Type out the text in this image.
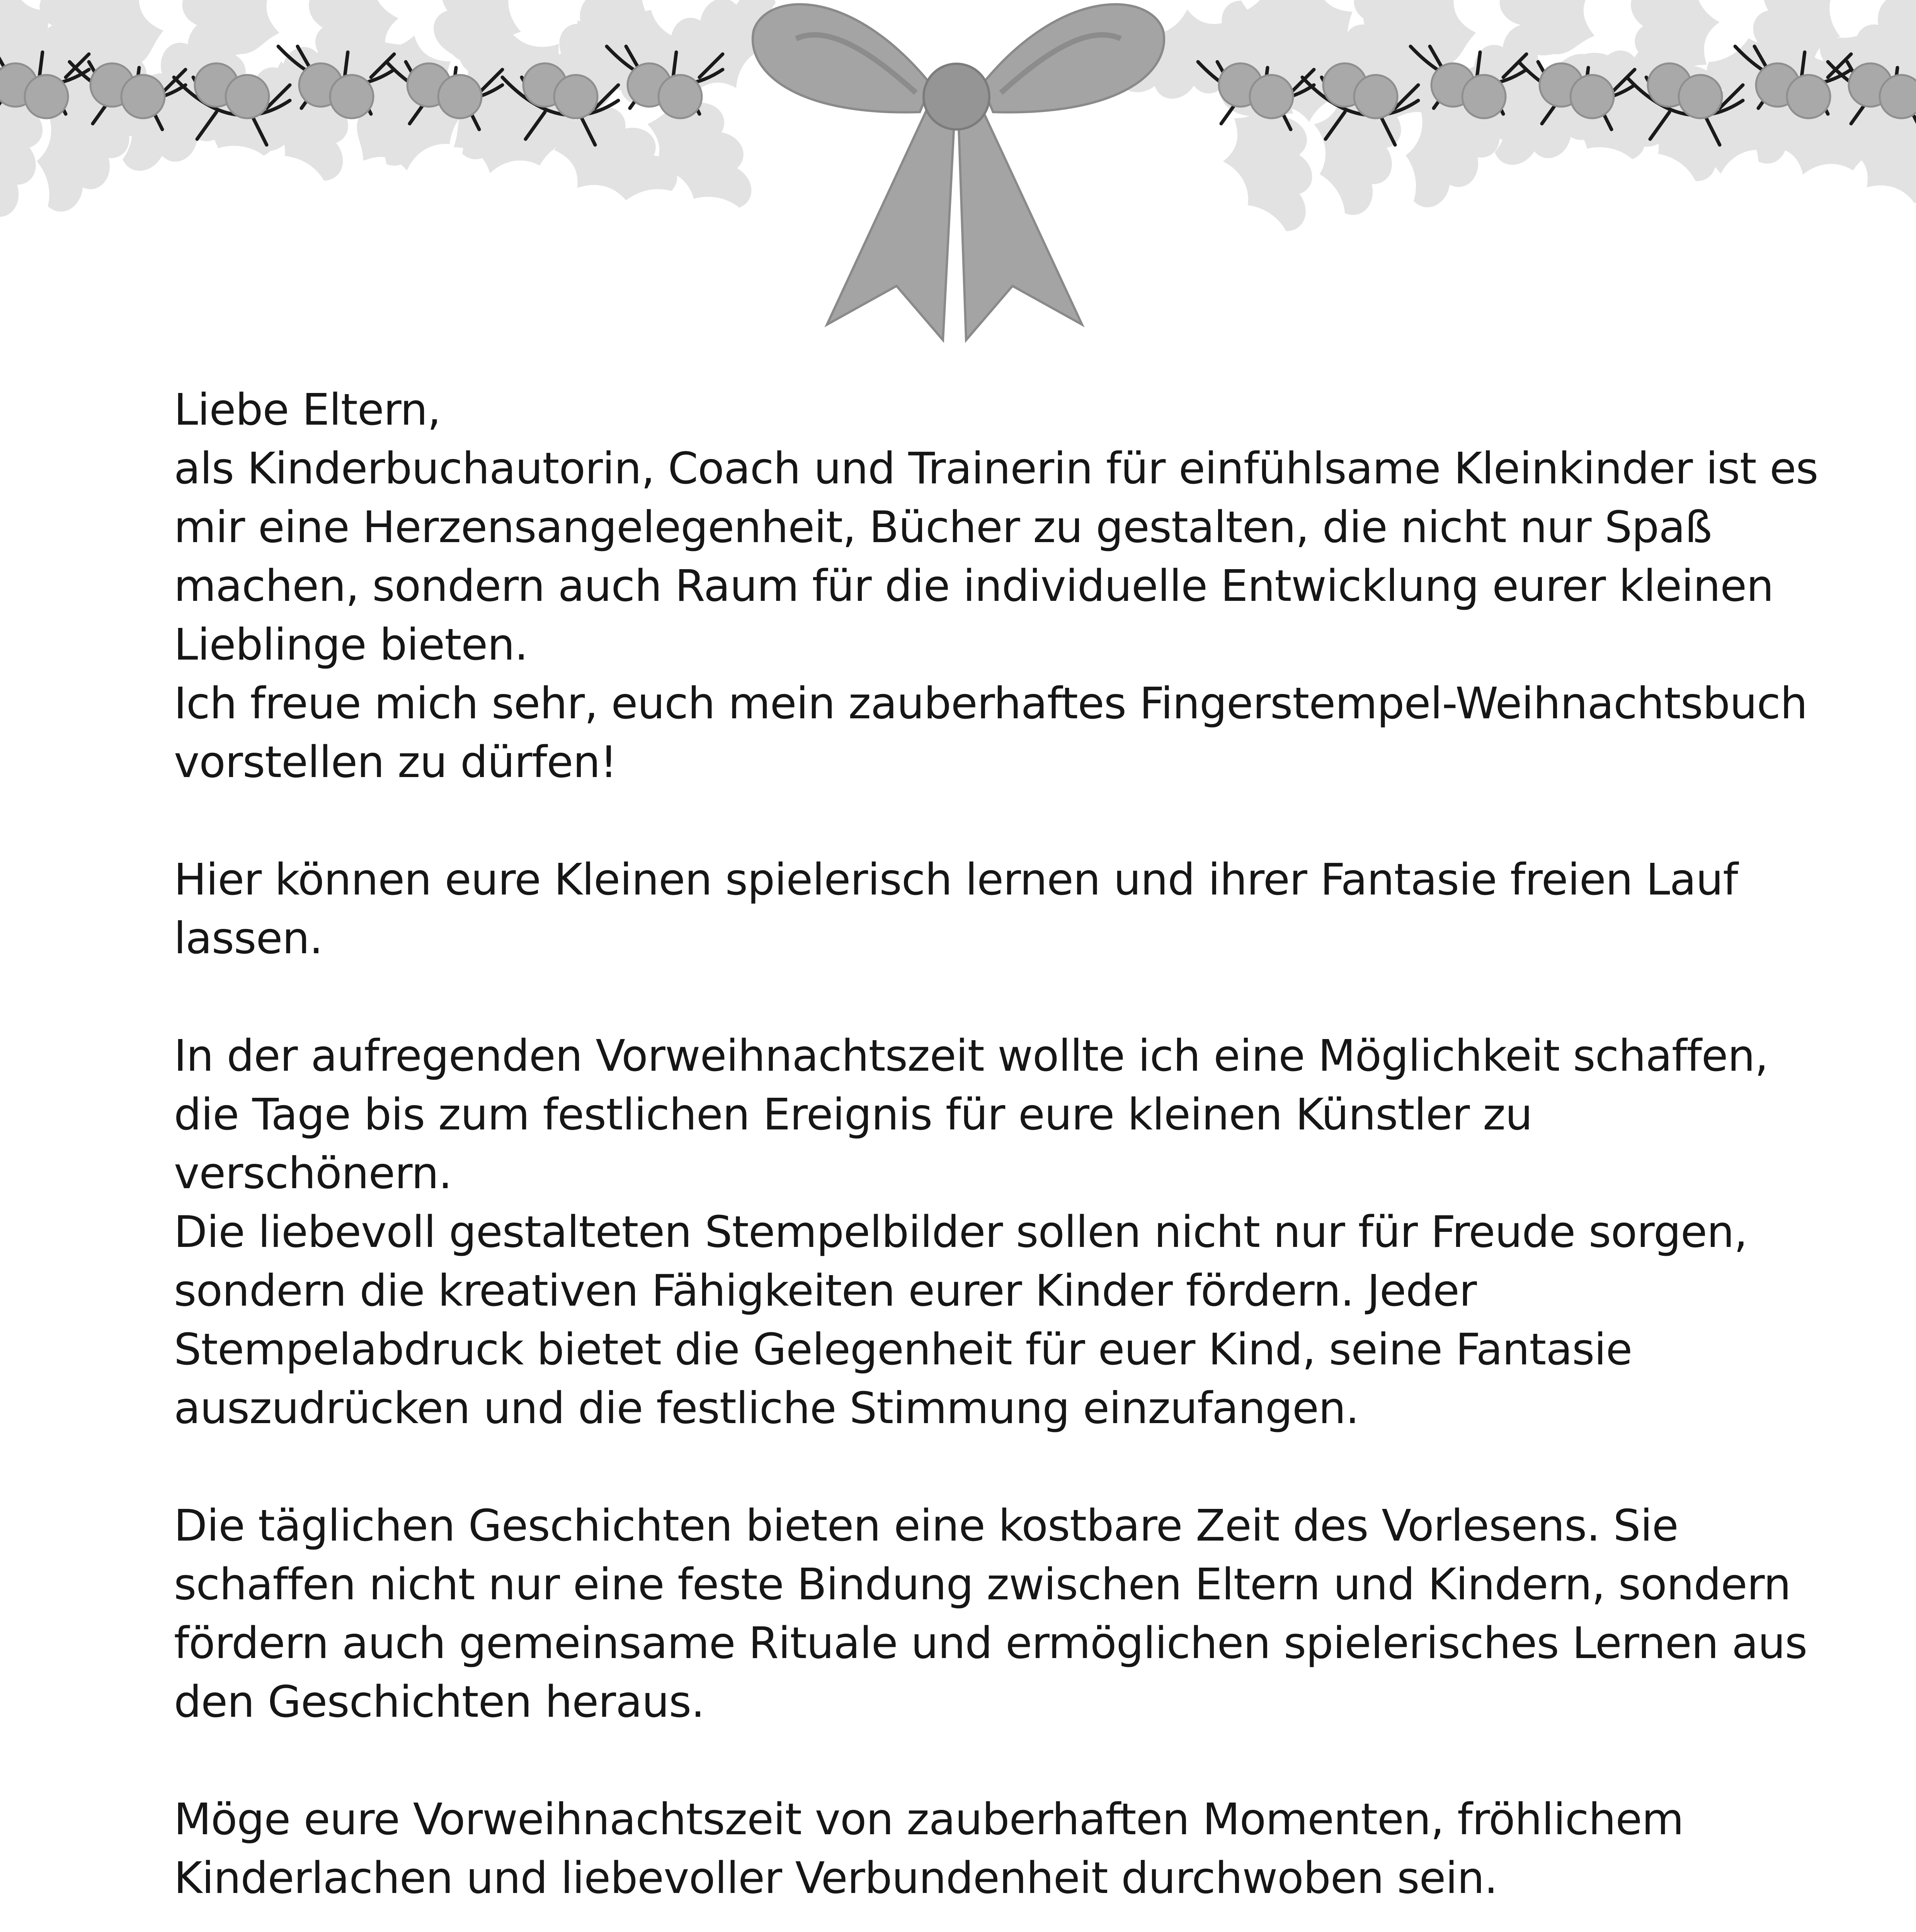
Liebe Eltern,
als Kinderbuchautorin, Coach und Trainerin für einfühlsame Kleinkinder ist es
mir eine Herzensangelegenheit, Bücher zu gestalten, die nicht nur Spaß
machen, sondern auch Raum für die individuelle Entwicklung eurer kleinen
Lieblinge bieten.
Ich freue mich sehr, euch mein zauberhaftes Fingerstempel-Weihnachtsbuch
vorstellen zu dürfen!

Hier können eure Kleinen spielerisch lernen und ihrer Fantasie freien Lauf
lassen.

In der aufregenden Vorweihnachtszeit wollte ich eine Möglichkeit schaffen,
die Tage bis zum festlichen Ereignis für eure kleinen Künstler zu
verschönern.
Die liebevoll gestalteten Stempelbilder sollen nicht nur für Freude sorgen,
sondern die kreativen Fähigkeiten eurer Kinder fördern. Jeder
Stempelabdruck bietet die Gelegenheit für euer Kind, seine Fantasie
auszudrücken und die festliche Stimmung einzufangen.

Die täglichen Geschichten bieten eine kostbare Zeit des Vorlesens. Sie
schaffen nicht nur eine feste Bindung zwischen Eltern und Kindern, sondern
fördern auch gemeinsame Rituale und ermöglichen spielerisches Lernen aus
den Geschichten heraus.

Möge eure Vorweihnachtszeit von zauberhaften Momenten, fröhlichem
Kinderlachen und liebevoller Verbundenheit durchwoben sein.
